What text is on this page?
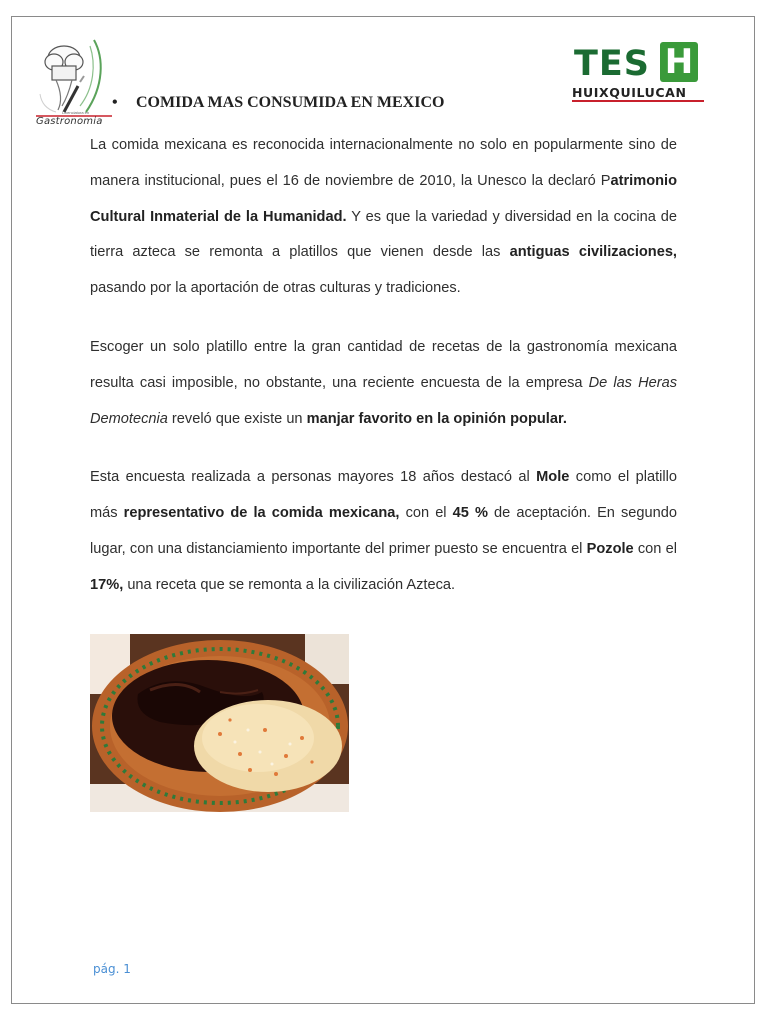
Licenciatura en
Gastronomia
TES H
HUIXQUILUCAN
• COMIDA MAS CONSUMIDA EN MEXICO

La comida mexicana es reconocida internacionalmente no solo en popularmente sino de manera institucional, pues el 16 de noviembre de 2010, la Unesco la declaró Patrimonio Cultural Inmaterial de la Humanidad. Y es que la variedad y diversidad en la cocina de tierra azteca se remonta a platillos que vienen desde las antiguas civilizaciones, pasando por la aportación de otras culturas y tradiciones.

Escoger un solo platillo entre la gran cantidad de recetas de la gastronomía mexicana resulta casi imposible, no obstante, una reciente encuesta de la empresa De las Heras Demotecnia reveló que existe un manjar favorito en la opinión popular.

Esta encuesta realizada a personas mayores 18 años destacó al Mole como el platillo más representativo de la comida mexicana, con el 45 % de aceptación. En segundo lugar, con una distanciamiento importante del primer puesto se encuentra el Pozole con el 17%, una receta que se remonta a la civilización Azteca.

pág. 1
